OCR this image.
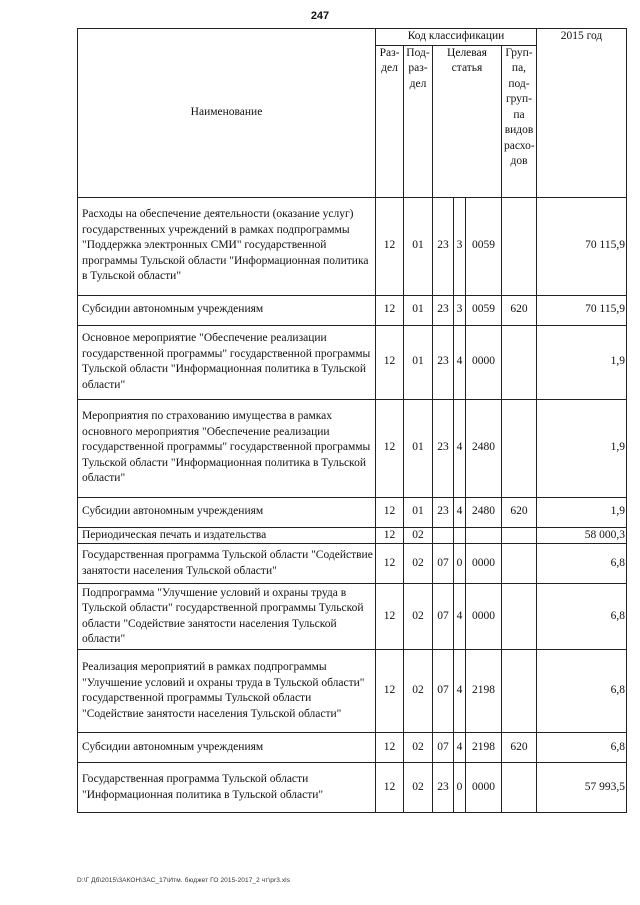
247
Наименование	Код классификации						2015 год
	Раз-дел	Под-раз-дел	Целевая статья			Груп-па, под-груп-па видов расхо-дов	
Расходы на обеспечение деятельности (оказание услуг) государственных учреждений в рамках подпрограммы "Поддержка электронных СМИ" государственной программы Тульской области "Информационная политика в Тульской области"	12	01	23	3	0059		70 115,9
Субсидии автономным учреждениям	12	01	23	3	0059	620	70 115,9
Основное мероприятие "Обеспечение реализации государственной программы" государственной программы Тульской области "Информационная политика в Тульской области"	12	01	23	4	0000		1,9
Мероприятия по страхованию имущества в рамках основного мероприятия "Обеспечение реализации государственной программы" государственной программы Тульской области "Информационная политика в Тульской области"	12	01	23	4	2480		1,9
Субсидии автономным учреждениям	12	01	23	4	2480	620	1,9
Периодическая печать и издательства	12	02					58 000,3
Государственная программа Тульской области "Содействие занятости населения Тульской области"	12	02	07	0	0000		6,8
Подпрограмма "Улучшение условий и охраны труда в Тульской области" государственной программы Тульской области "Содействие занятости населения Тульской области"	12	02	07	4	0000		6,8
Реализация мероприятий в рамках подпрограммы "Улучшение условий и охраны труда в Тульской области" государственной программы Тульской области "Содействие занятости населения Тульской области"	12	02	07	4	2198		6,8
Субсидии автономным учреждениям	12	02	07	4	2198	620	6,8
Государственная программа Тульской области "Информационная политика в Тульской области"	12	02	23	0	0000		57 993,5
D:\Г Дб\2015\ЗАКОН\ЗАС_17\Итм. бюджет ГО 2015-2017_2 чт\pr3.xls
